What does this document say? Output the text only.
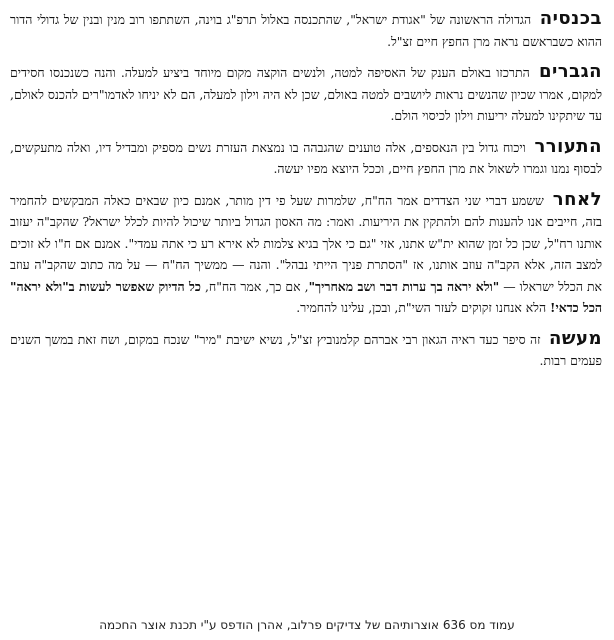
בכנסיה הגדולה הראשונה של "אגודת ישראל", שהתכנסה באלול תרפ"ג בוינה, השתתפו רוב מנין ובנין של גדולי הדור ההוא כשבראשם נראה מרן החפץ חיים זצ"ל.

הגברים התרכזו באולם הענק של האסיפה למטה, ולנשים הוקצה מקום מיוחד ביציע למעלה. והנה כשנכנסו חסידים למקום, אמרו שכיון שהנשים נראות ליושבים למטה באולם, שכן לא היה וילון למעלה, הם לא יניחו לאדמו"רים להכנס לאולם, עד שיתקינו למעלה יריעות וילון לכיסוי הולם.

התעורר ויכוח גדול בין הנאספים, אלה טוענים שהגבהה בו נמצאת העזרת נשים מספיק ומבדיל דיו, ואלה מתעקשים, לבסוף נמנו וגמרו לשאול את מרן החפץ חיים, וככל היוצא מפיו יעשה.

לאחר ששמע דברי שני הצדדים אמר הח"ח, שלמרות שעל פי דין מותר, אמנם כיון שבאים כאלה המבקשים להחמיר בזה, חייבים אנו להענות להם ולהתקין את היריעות. ואמר: מה האסון הגדול ביותר שיכול להיות לכלל ישראל? שהקב"ה יעזוב אותנו רח"ל, שכן כל זמן שהוא ית"ש אתנו, אזי "גם כי אלך בגיא צלמות לא אירא רע כי אתה עמדי". אמנם אם ח"ו לא זוכים למצב הזה, אלא הקב"ה עוזב אותנו, אז "הסתרת פניך הייתי נבהל". והנה — ממשיך הח"ח — על מה כתוב שהקב"ה עוזב את הכלל ישראלו — "ולא יראה בך ערות דבר ושב מאחריך", אם כך, אמר הח"ח, כל הדיוק שאפשר לעשות ב"ולא יראה" הכל כדאי! הלא אנחנו זקוקים לעזר השי"ת, ובכן, עלינו להחמיר.

מעשה זה סיפר כעד ראיה הגאון רבי אברהם קלמנוביץ זצ"ל, נשיא ישיבת "מיר" שנכח במקום, ושח זאת במשך השנים פעמים רבות.

עמוד מס 636 אוצרותיהם של צדיקים פרלוב, אהרן הודפס ע"י תכנת אוצר החכמה
